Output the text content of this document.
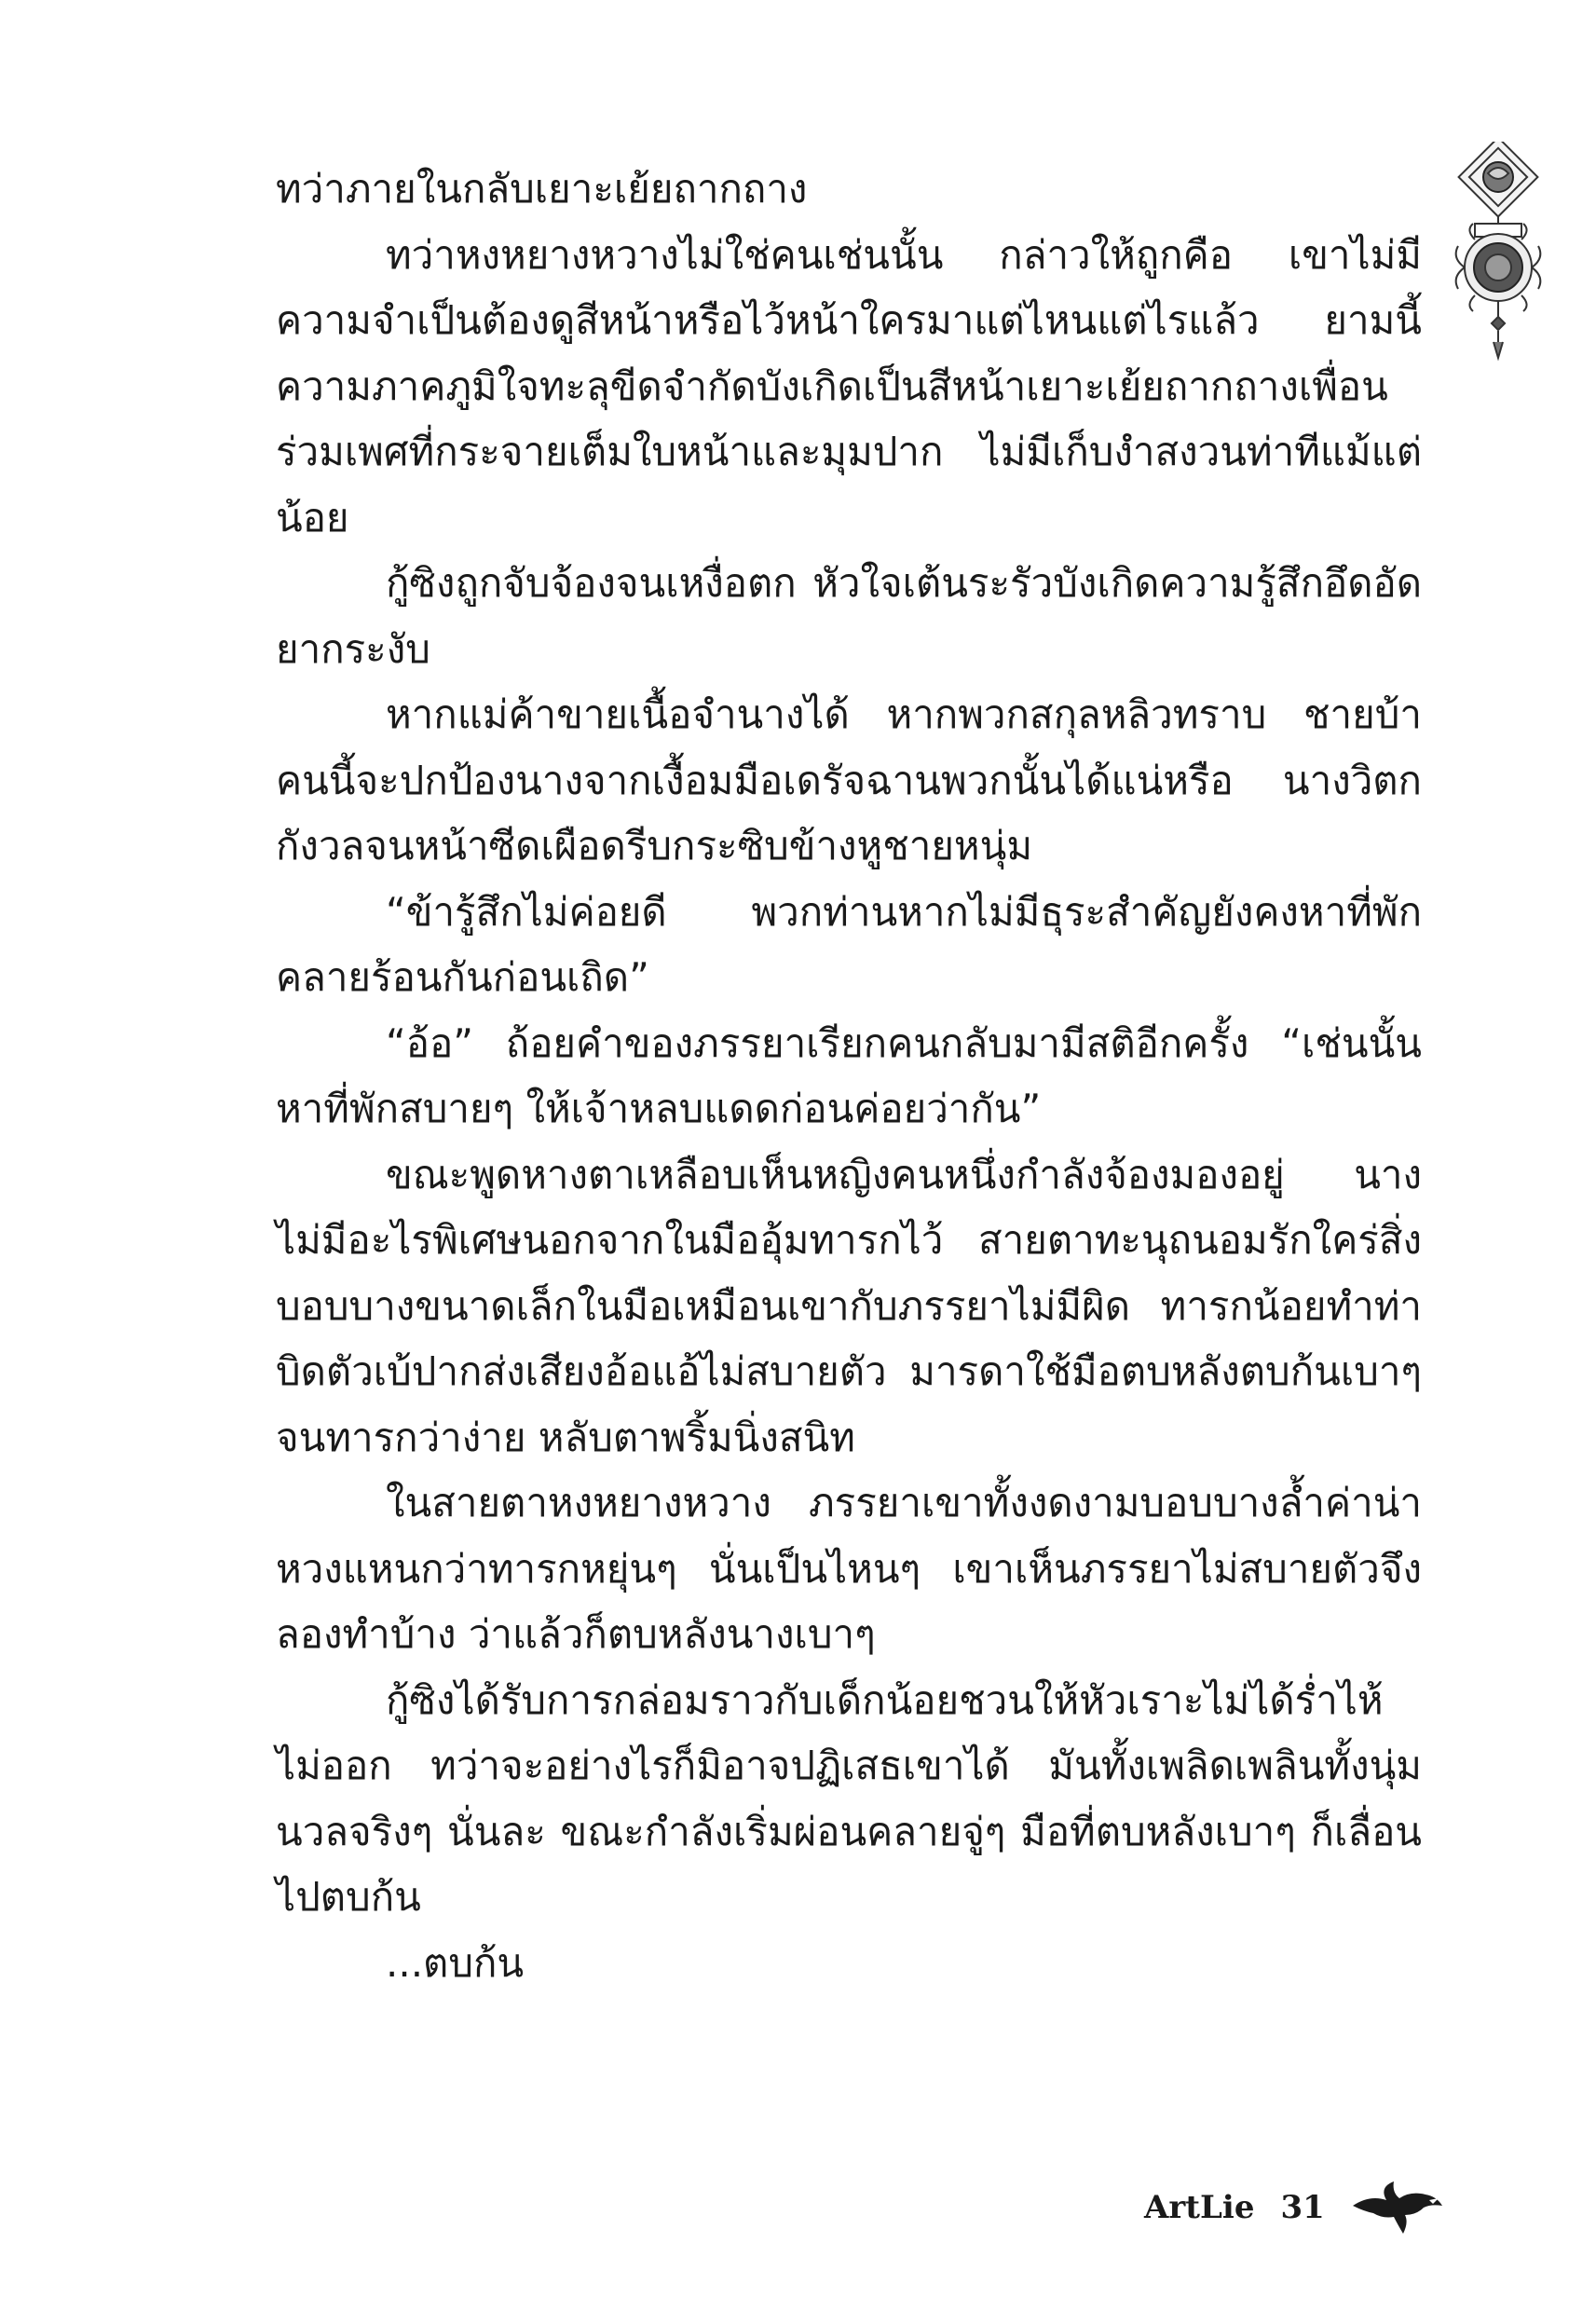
ทว่าภายในกลับเยาะเย้ยถากถาง

ทว่าหงหยางหวางไม่ใช่คนเช่นนั้น กล่าวให้ถูกคือ เขาไม่มีความจำเป็นต้องดูสีหน้าหรือไว้หน้าใครมาแต่ไหนแต่ไรแล้ว ยามนี้ความภาคภูมิใจทะลุขีดจำกัดบังเกิดเป็นสีหน้าเยาะเย้ยถากถางเพื่อนร่วมเพศที่กระจายเต็มใบหน้าและมุมปาก ไม่มีเก็บงำสงวนท่าทีแม้แต่น้อย

กู้ซิงถูกจับจ้องจนเหงื่อตก หัวใจเต้นระรัวบังเกิดความรู้สึกอึดอัดยากระงับ

หากแม่ค้าขายเนื้อจำนางได้ หากพวกสกุลหลิวทราบ ชายบ้าคนนี้จะปกป้องนางจากเงื้อมมือเดรัจฉานพวกนั้นได้แน่หรือ นางวิตกกังวลจนหน้าซีดเผือดรีบกระซิบข้างหูชายหนุ่ม

“ข้ารู้สึกไม่ค่อยดี พวกท่านหากไม่มีธุระสำคัญยังคงหาที่พักคลายร้อนกันก่อนเถิด”

“อ้อ” ถ้อยคำของภรรยาเรียกคนกลับมามีสติอีกครั้ง “เช่นนั้นหาที่พักสบายๆ ให้เจ้าหลบแดดก่อนค่อยว่ากัน”

ขณะพูดหางตาเหลือบเห็นหญิงคนหนึ่งกำลังจ้องมองอยู่ นางไม่มีอะไรพิเศษนอกจากในมืออุ้มทารกไว้ สายตาทะนุถนอมรักใคร่สิ่งบอบบางขนาดเล็กในมือเหมือนเขากับภรรยาไม่มีผิด ทารกน้อยทำท่าบิดตัวเบ้ปากส่งเสียงอ้อแอ้ไม่สบายตัว มารดาใช้มือตบหลังตบก้นเบาๆ จนทารกว่าง่าย หลับตาพริ้มนิ่งสนิท

ในสายตาหงหยางหวาง ภรรยาเขาทั้งงดงามบอบบางล้ำค่าน่าหวงแหนกว่าทารกหยุ่นๆ นั่นเป็นไหนๆ เขาเห็นภรรยาไม่สบายตัวจึงลองทำบ้าง ว่าแล้วก็ตบหลังนางเบาๆ

กู้ซิงได้รับการกล่อมราวกับเด็กน้อยชวนให้หัวเราะไม่ได้ร่ำไห้ไม่ออก ทว่าจะอย่างไรก็มิอาจปฏิเสธเขาได้ มันทั้งเพลิดเพลินทั้งนุ่มนวลจริงๆ นั่นละ ขณะกำลังเริ่มผ่อนคลายจู่ๆ มือที่ตบหลังเบาๆ ก็เลื่อนไปตบก้น

...ตบก้น

ArtLie 31
